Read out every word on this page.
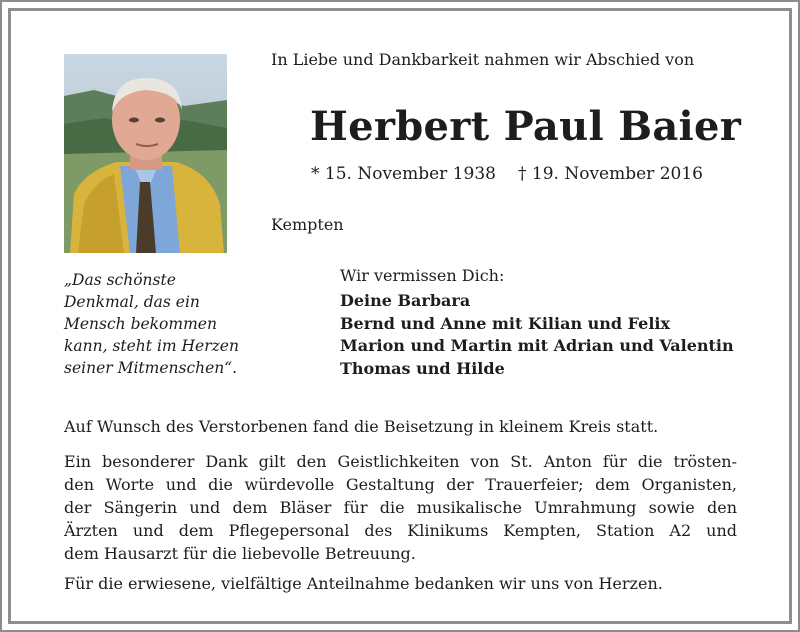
„Das schönste
Denkmal, das ein
Mensch bekommen
kann, steht im Herzen
seiner Mitmenschen“.
In Liebe und Dankbarkeit nahmen wir Abschied von
Herbert Paul Baier
* 15. November 1938 † 19. November 2016
Kempten
Wir vermissen Dich:
Deine Barbara
Bernd und Anne mit Kilian und Felix
Marion und Martin mit Adrian und Valentin
Thomas und Hilde
Auf Wunsch des Verstorbenen fand die Beisetzung in kleinem Kreis statt.
Ein besonderer Dank gilt den Geistlichkeiten von St. Anton für die trösten-
den Worte und die würdevolle Gestaltung der Trauerfeier; dem Organisten,
der Sängerin und dem Bläser für die musikalische Umrahmung sowie den
Ärzten und dem Pflegepersonal des Klinikums Kempten, Station A2 und
dem Hausarzt für die liebevolle Betreuung.
Für die erwiesene, vielfältige Anteilnahme bedanken wir uns von Herzen.
